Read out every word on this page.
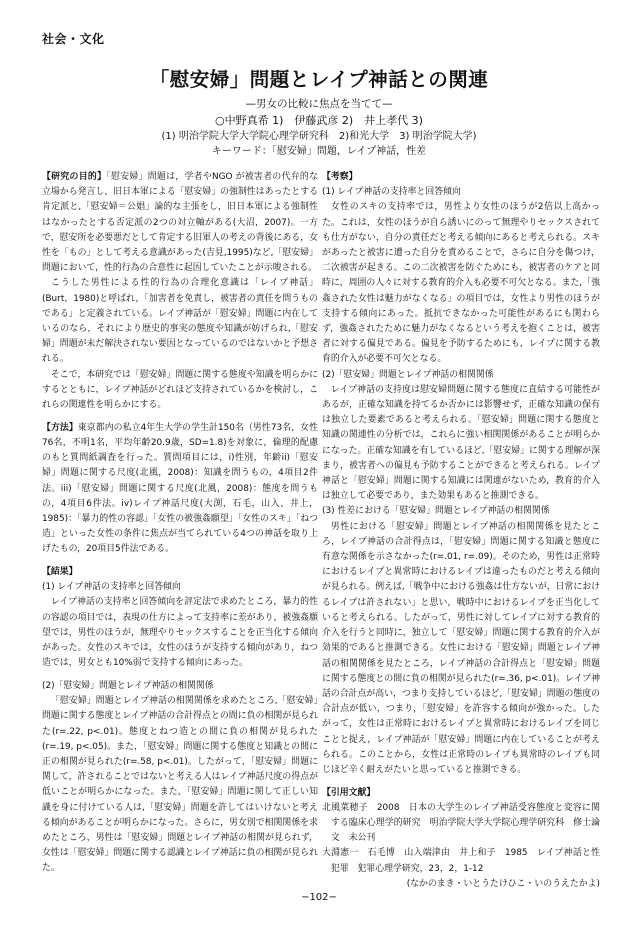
社会・文化
「慰安婦」問題とレイプ神話との関連
—男女の比較に焦点を当てて—
○中野真希 1)　伊藤武彦 2)　井上孝代 3)
(1) 明治学院大学大学院心理学研究科　2)和光大学　3) 明治学院大学)
キーワード：「慰安婦」問題，レイプ神話，性差

【研究の目的】「慰安婦」問題は，学者やNGO が被害者の代弁的な立場から発言し，旧日本軍による「慰安婦」の強制性はあったとする肯定派と,「慰安婦＝公娼」論的な主張をし，旧日本軍による強制性はなかったとする否定派の2つの対立軸がある(大沼，2007)。一方で，慰安所を必要悪だとして肯定する旧軍人の考えの背後にある，女性を「もの」として考える意識があった(吉見,1995)など,「慰安婦」問題において，性的行為の合意性に起因していたことが示唆される。

こうした男性による性的行為の合理化意識は「レイプ神話」(Burt，1980)と呼ばれ，「加害者を免責し，被害者の責任を問うものである」と定義されている。レイプ神話が「慰安婦」問題に内在しているのなら，それにより歴史的事実の態度や知識が妨げられ,「慰安婦」問題が未だ解決されない要因となっているのではないかと予想される。

そこで，本研究では「慰安婦」問題に関する態度や知識を明らかにするとともに，レイプ神話がどれほど支持されているかを検討し，これらの関連性を明らかにする。

【方法】東京都内の私立4年生大学の学生計150名（男性73名，女性76名，不明1名，平均年齢20.9歳，SD=1.8)を対象に，倫理的配慮のもと質問紙調査を行った。質問項目には，i)性別，年齢ii)「慰安婦」問題に関する尺度(北風，2008)：知識を問うもの，4項目2件法。iii)「慰安婦」問題に関する尺度(北風，2008)：態度を問うもの，4項目6件法。iv)レイプ神話尺度(大渕，石毛，山入，井上，1985)：「暴力的性の容認」「女性の被強姦願望」「女性のスキ」「ねつ造」といった女性の条件に焦点が当てられている4つの神話を取り上げたもの，20項目5件法である。

【結果】

(1) レイプ神話の支持率と回答傾向

レイプ神話の支持率と回答傾向を評定法で求めたところ，暴力的性の容認の項目では，表現の仕方によって支持率に差があり，被強姦願望では，男性のほうが，無理やりセックスすることを正当化する傾向があった。女性のスキでは，女性のほうが支持する傾向があり，ねつ造では，男女とも10%弱で支持する傾向にあった。

(2)「慰安婦」問題とレイプ神話の相関関係

「慰安婦」問題とレイプ神話の相関関係を求めたところ,「慰安婦」問題に関する態度とレイプ神話の合計得点との間に負の相関が見られた(r=.22, p<.01)。態度とねつ造との間に負の相関が見られた(r=.19, p<.05)。また，「慰安婦」問題に関する態度と知識との間に正の相関が見られた(r=.58, p<.01)。したがって，「慰安婦」問題に関して，許されることではないと考える人はレイプ神話尺度の得点が低いことが明らかになった。また，「慰安婦」問題に関して正しい知識を身に付けている人は,「慰安婦」問題を許してはいけないと考える傾向があることが明らかになった。さらに，男女別で相関関係を求めたところ，男性は「慰安婦」問題とレイプ神話の相関が見られず，女性は「慰安婦」問題に関する認識とレイプ神話に負の相関が見られた。

【考察】

(1) レイプ神話の支持率と回答傾向

女性のスキの支持率では，男性より女性のほうが2倍以上高かった。これは，女性のほうが自ら誘いにのって無理やりセックスされても仕方がない，自分の責任だと考える傾向にあると考えられる。スキがあったと被害に遭った自分を責めることで，さらに自分を傷つけ，二次被害が起きる。この二次被害を防ぐためにも，被害者のケアと同時に，周囲の人々に対する教育的介入も必要不可欠となる。また,「強姦された女性は魅力がなくなる」の項目では，女性より男性のほうが支持する傾向にあった。抵抗できなかった可能性があるにも関わらず，強姦されたために魅力がなくなるという考えを抱くことは，被害者に対する偏見である。偏見を予防するためにも，レイプに関する教育的介入が必要不可欠となる。

(2)「慰安婦」問題とレイプ神話の相関関係

レイプ神話の支持度は慰安婦問題に関する態度に直結する可能性があるが，正確な知識を持てるか否かには影響せず，正確な知識の保有は独立した要素であると考えられる。「慰安婦」問題に関する態度と知識の関連性の分析では，これらに強い相関関係があることが明らかになった。正確な知識を有しているほど,「慰安婦」に関する理解が深まり，被害者への偏見も予防することができると考えられる。レイプ神話と「慰安婦」問題に関する知識には関連がないため，教育的介入は独立して必要であり，また効果もあると推測できる。

(3) 性差における「慰安婦」問題とレイプ神話の相関関係

男性における「慰安婦」問題とレイプ神話の相関関係を見たところ，レイプ神話の合計得点は，「慰安婦」問題に関する知識と態度に有意な関係を示さなかった(r=.01, r=.09)。そのため，男性は正常時におけるレイプと異常時におけるレイプは違ったものだと考える傾向が見られる。例えば,「戦争中における強姦は仕方ないが，日常におけるレイプは許されない」と思い，戦時中におけるレイプを正当化していると考えられる。したがって，男性に対してレイプに対する教育的介入を行うと同時に，独立して「慰安婦」問題に関する教育的介入が効果的であると推測できる。女性における「慰安婦」問題とレイプ神話の相関関係を見たところ，レイプ神話の合計得点と「慰安婦」問題に関する態度との間に負の相関が見られた(r=.36, p<.01)。レイプ神話の合計点が高い，つまり支持しているほど,「慰安婦」問題の態度の合計点が低い，つまり，「慰安婦」を許容する傾向が強かった。したがって，女性は正常時におけるレイプと異常時におけるレイプを同じことと捉え，レイプ神話が「慰安婦」問題に内在していることが考えられる。このことから，女性は正常時のレイプも異常時のレイプも同じほど辛く耐えがたいと思っていると推測できる。

【引用文献】

北風菜穂子　2008　日本の大学生のレイプ神話受容態度と変容に関する臨床心理学的研究　明治学院大学大学院心理学研究科　修士論文　未公刊

大淵憲一　石毛博　山入端津由　井上和子　1985　レイプ神話と性犯罪　犯罪心理学研究，23，2，1-12

(なかのまき・いとうたけひこ・いのうえたかよ)

−102−
